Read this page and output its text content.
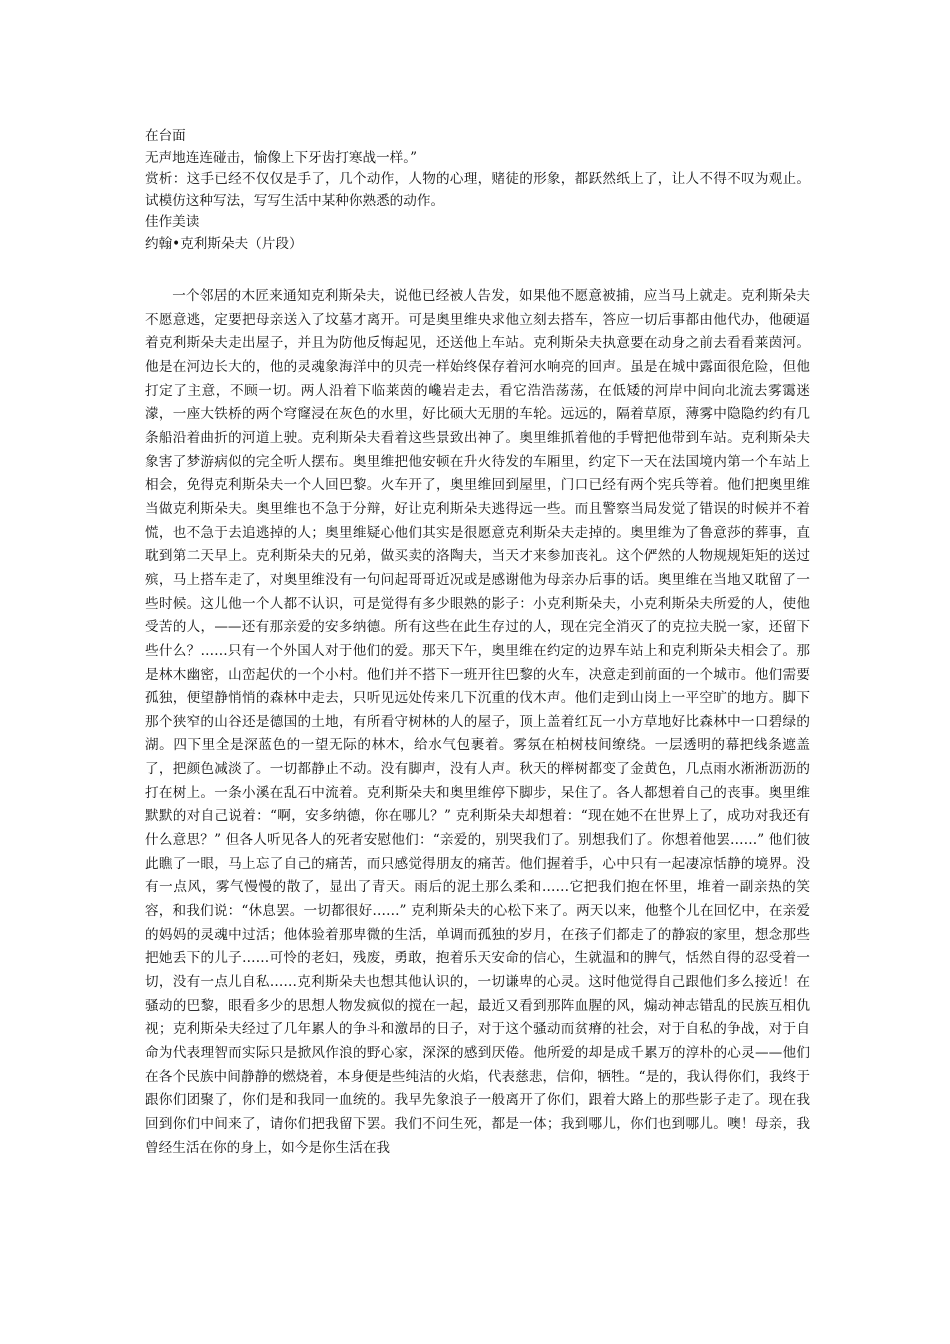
在台面
无声地连连碰击，愉像上下牙齿打寒战一样。”

赏析：这手已经不仅仅是手了，几个动作，人物的心理，赌徒的形象，都跃然纸上了，让人不得不叹为观止。试模仿这种写法，写写生活中某种你熟悉的动作。

佳作美读
约翰•克利斯朵夫（片段）

一个邻居的木匠来通知克利斯朵夫，说他已经被人告发，如果他不愿意被捕，应当马上就走。克利斯朵夫不愿意逃，定要把母亲送入了坟墓才离开。可是奥里维央求他立刻去搭车，答应一切后事都由他代办，他硬逼着克利斯朵夫走出屋子，并且为防他反悔起见，还送他上车站。克利斯朵夫执意要在动身之前去看看莱茵河。他是在河边长大的，他的灵魂象海洋中的贝壳一样始终保存着河水响亮的回声。虽是在城中露面很危险，但他打定了主意，不顾一切。两人沿着下临莱茵的巉岩走去，看它浩浩荡荡，在低矮的河岸中间向北流去雾霭迷濛，一座大铁桥的两个穹窿浸在灰色的水里，好比硕大无朋的车轮。远远的，隔着草原，薄雾中隐隐约约有几条船沿着曲折的河道上驶。克利斯朵夫看着这些景致出神了。奥里维抓着他的手臂把他带到车站。克利斯朵夫象害了梦游病似的完全听人摆布。奥里维把他安顿在升火待发的车厢里，约定下一天在法国境内第一个车站上相会，免得克利斯朵夫一个人回巴黎。火车开了，奥里维回到屋里，门口已经有两个宪兵等着。他们把奥里维当做克利斯朵夫。奥里维也不急于分辩，好让克利斯朵夫逃得远一些。而且警察当局发觉了错误的时候并不着慌，也不急于去追逃掉的人；奥里维疑心他们其实是很愿意克利斯朵夫走掉的。奥里维为了鲁意莎的葬事，直耽到第二天早上。克利斯朵夫的兄弟，做买卖的洛陶夫，当天才来参加丧礼。这个俨然的人物规规矩矩的送过殡，马上搭车走了，对奥里维没有一句问起哥哥近况或是感谢他为母亲办后事的话。奥里维在当地又耽留了一些时候。这儿他一个人都不认识，可是觉得有多少眼熟的影子：小克利斯朵夫，小克利斯朵夫所爱的人，使他受苦的人，——还有那亲爱的安多纳德。所有这些在此生存过的人，现在完全消灭了的克拉夫脱一家，还留下些什么？……只有一个外国人对于他们的爱。那天下午，奥里维在约定的边界车站上和克利斯朵夫相会了。那是林木幽密，山峦起伏的一个小村。他们并不搭下一班开往巴黎的火车，决意走到前面的一个城市。他们需要孤独，便望静悄悄的森林中走去，只听见远处传来几下沉重的伐木声。他们走到山岗上一平空旷的地方。脚下那个狭窄的山谷还是德国的土地，有所看守树林的人的屋子，顶上盖着红瓦一小方草地好比森林中一口碧绿的湖。四下里全是深蓝色的一望无际的林木，给水气包裹着。雾氛在柏树枝间缭绕。一层透明的幕把线条遮盖了，把颜色减淡了。一切都静止不动。没有脚声，没有人声。秋天的榉树都变了金黄色，几点雨水淅淅沥沥的打在树上。一条小溪在乱石中流着。克利斯朵夫和奥里维停下脚步，呆住了。各人都想着自己的丧事。奥里维默默的对自己说着：“啊，安多纳德，你在哪儿？” 克利斯朵夫却想着：“现在她不在世界上了，成功对我还有什么意思？” 但各人听见各人的死者安慰他们：“亲爱的，别哭我们了。别想我们了。你想着他罢……” 他们彼此瞧了一眼，马上忘了自己的痛苦，而只感觉得朋友的痛苦。他们握着手，心中只有一起凄凉恬静的境界。没有一点风，雾气慢慢的散了，显出了青天。雨后的泥土那么柔和……它把我们抱在怀里，堆着一副亲热的笑容，和我们说：“休息罢。一切都很好……” 克利斯朵夫的心松下来了。两天以来，他整个儿在回忆中，在亲爱的妈妈的灵魂中过活；他体验着那卑微的生活，单调而孤独的岁月，在孩子们都走了的静寂的家里，想念那些把她丢下的儿子……可怜的老妇，残废，勇敢，抱着乐天安命的信心，生就温和的脾气，恬然自得的忍受着一切，没有一点儿自私……克利斯朵夫也想其他认识的，一切谦卑的心灵。这时他觉得自己跟他们多么接近！在骚动的巴黎，眼看多少的思想人物发疯似的搅在一起，最近又看到那阵血腥的风，煽动神志错乱的民族互相仇视；克利斯朵夫经过了几年累人的争斗和激昂的日子，对于这个骚动而贫瘠的社会，对于自私的争战，对于自命为代表理智而实际只是掀风作浪的野心家，深深的感到厌倦。他所爱的却是成千累万的淳朴的心灵——他们在各个民族中间静静的燃烧着，本身便是些纯洁的火焰，代表慈悲，信仰，牺牲。“是的，我认得你们，我终于跟你们团聚了，你们是和我同一血统的。我早先象浪子一般离开了你们，跟着大路上的那些影子走了。现在我回到你们中间来了，请你们把我留下罢。我们不问生死，都是一体；我到哪儿，你们也到哪儿。噢！母亲，我曾经生活在你的身上，如今是你生活在我
